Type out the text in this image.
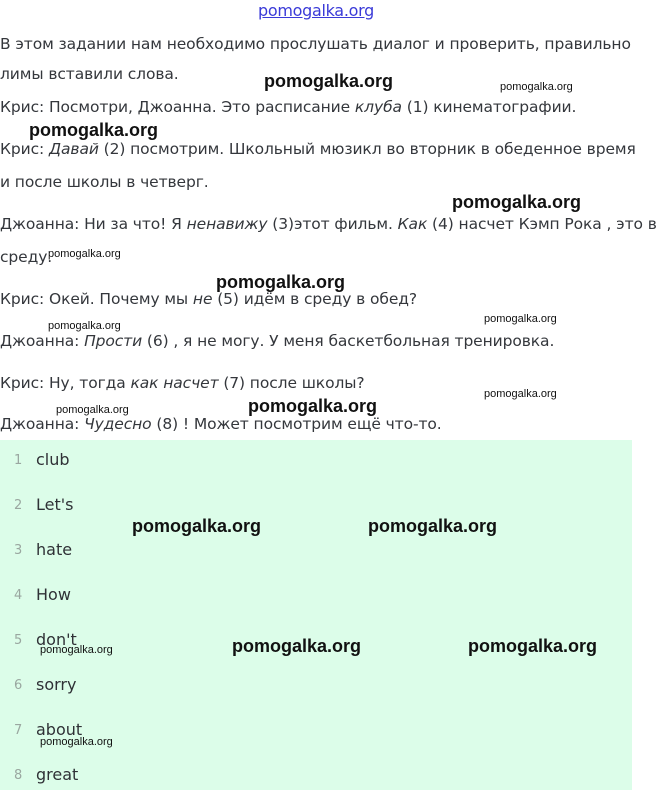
pomogalka.org
В этом задании нам необходимо прослушать диалог и проверить, правильно
лимы вставили слова.
Крис: Посмотри, Джоанна. Это расписание клуба (1) кинематографии.
Крис: Давай (2) посмотрим. Школьный мюзикл во вторник в обеденное время
и после школы в четверг.
Джоанна: Ни за что! Я ненавижу (3)этот фильм. Как (4) насчет Кэмп Рока , это в
среду.
Крис: Окей. Почему мы не (5) идём в среду в обед?
Джоанна: Прости (6) , я не могу. У меня баскетбольная тренировка.
Крис: Ну, тогда как насчет (7) после школы?
Джоанна: Чудесно (8) ! Может посмотрим ещё что-то.
1 club
2 Let's
3 hate
4 How
5 don't
6 sorry
7 about
8 great
pomogalka.org	pomogalka.org
pomogalka.org
pomogalka.org
pomogalka.org
pomogalka.org
pomogalka.org
pomogalka.org
pomogalka.org
pomogalka.org
pomogalka.org
pomogalka.org	pomogalka.org
pomogalka.org	pomogalka.org
pomogalka.org
pomogalka.org
